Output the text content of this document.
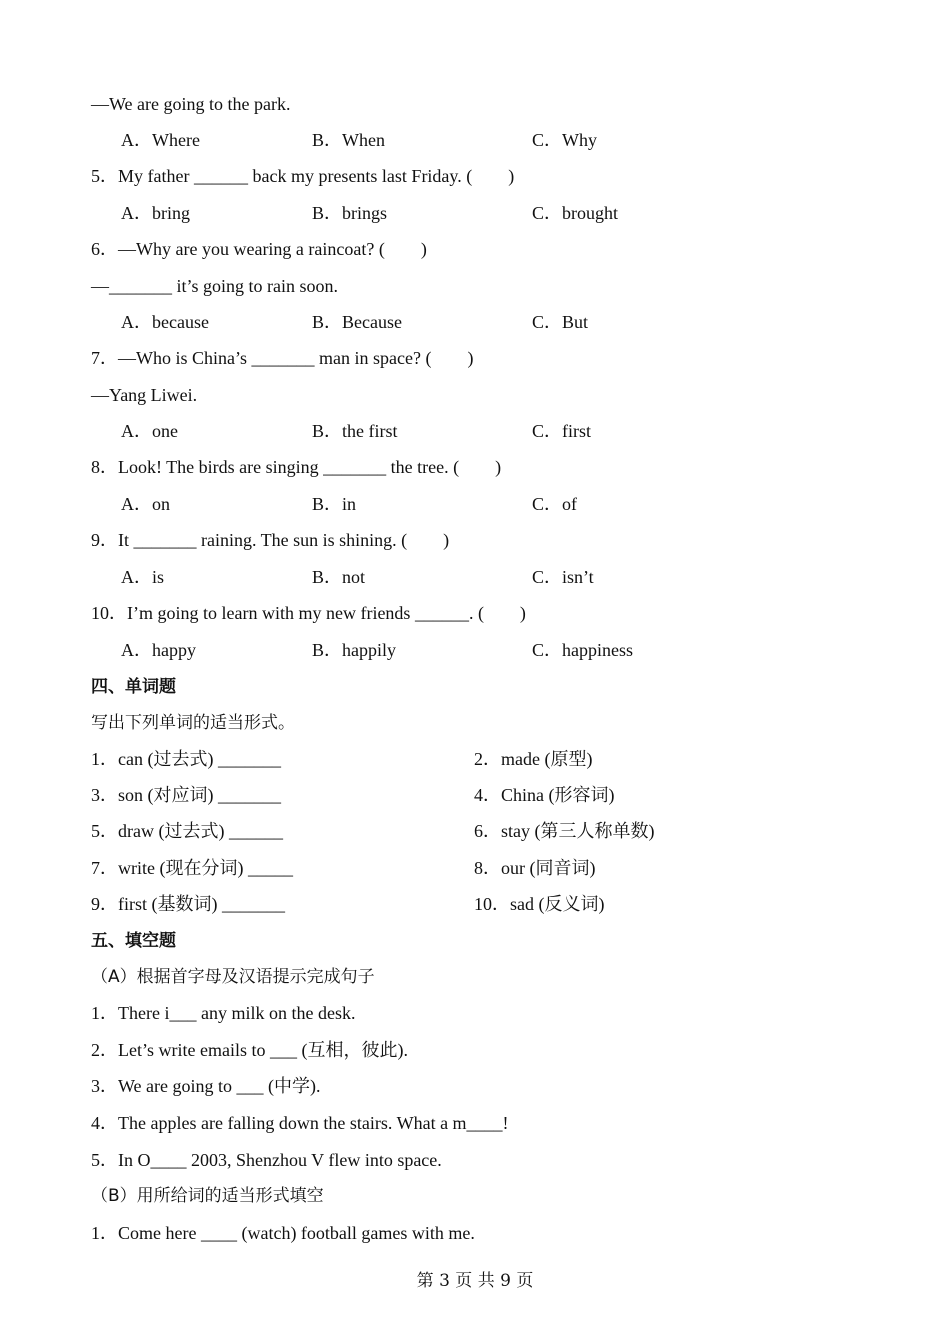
—We are going to the park.
A．Where	B．When	C．Why
5．My father ______ back my presents last Friday. (　　)
A．bring	B．brings	C．brought
6．—Why are you wearing a raincoat? (　　)
—_______ it’s going to rain soon.
A．because	B．Because	C．But
7．—Who is China’s _______ man in space? (　　)
—Yang Liwei.
A．one	B．the first	C．first
8．Look! The birds are singing _______ the tree. (　　)
A．on	B．in	C．of
9．It _______ raining. The sun is shining. (　　)
A．is	B．not	C．isn’t
10．I’m going to learn with my new friends ______. (　　)
A．happy	B．happily	C．happiness
四、单词题
写出下列单词的适当形式。
1．can (过去式) _______	2．made (原型)
3．son (对应词) _______	4．China (形容词)
5．draw (过去式) ______	6．stay (第三人称单数)
7．write (现在分词) _____	8．our (同音词)
9．first (基数词) _______	10．sad (反义词)
五、填空题
（A）根据首字母及汉语提示完成句子
1．There i___ any milk on the desk.
2．Let’s write emails to ___ (互相，彼此).
3．We are going to ___ (中学).
4．The apples are falling down the stairs. What a m____!
5．In O____ 2003, Shenzhou V flew into space.
（B）用所给词的适当形式填空
1．Come here ____ (watch) football games with me.
第 3 页 共 9 页
